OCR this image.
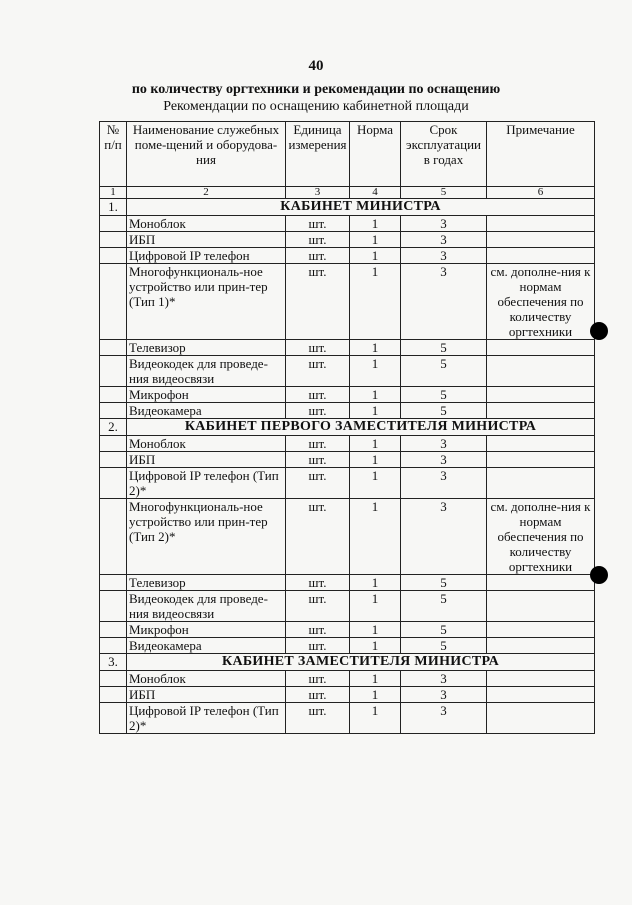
40
по количеству оргтехники и рекомендации по оснащению
Рекомендации по оснащению кабинетной площади
№ п/п	Наименование служебных поме-щений и оборудова-ния	Единица измерения	Норма	Срок эксплуатации в годах	Примечание
1	2	3	4	5	6
1.	КАБИНЕТ МИНИСТРА				
	Моноблок	шт.	1	3	
	ИБП	шт.	1	3	
	Цифровой IP телефон	шт.	1	3	
	Многофункциональ-ное устройство или прин-тер (Тип 1)*	шт.	1	3	см. дополне-ния к нормам обеспечения по количеству оргтехники
	Телевизор	шт.	1	5	
	Видеокодек для проведе-ния видеосвязи	шт.	1	5	
	Микрофон	шт.	1	5	
	Видеокамера	шт.	1	5	
2.	КАБИНЕТ ПЕРВОГО ЗАМЕСТИТЕЛЯ МИНИСТРА				
	Моноблок	шт.	1	3	
	ИБП	шт.	1	3	
	Цифровой IP телефон (Тип 2)*	шт.	1	3	
	Многофункциональ-ное устройство или прин-тер (Тип 2)*	шт.	1	3	см. дополне-ния к нормам обеспечения по количеству оргтехники
	Телевизор	шт.	1	5	
	Видеокодек для проведе-ния видеосвязи	шт.	1	5	
	Микрофон	шт.	1	5	
	Видеокамера	шт.	1	5	
3.	КАБИНЕТ ЗАМЕСТИТЕЛЯ МИНИСТРА				
	Моноблок	шт.	1	3	
	ИБП	шт.	1	3	
	Цифровой IP телефон (Тип 2)*	шт.	1	3	
